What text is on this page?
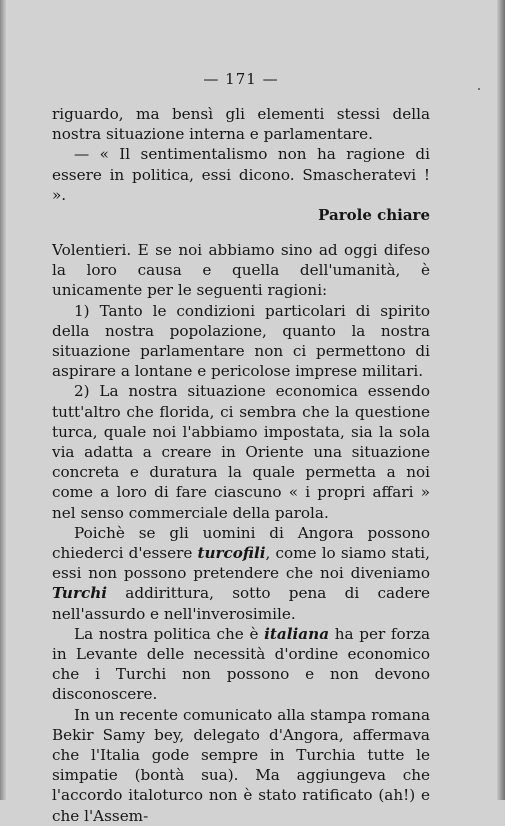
— 171 —

riguardo, ma bensì gli elementi stessi della nostra situazione interna e parlamentare.

— « Il sentimentalismo non ha ragione di essere in politica, essi dicono. Smascheratevi ! ».

Parole chiare

Volentieri. E se noi abbiamo sino ad oggi difeso la loro causa e quella dell'umanità, è unicamente per le seguenti ragioni:

1) Tanto le condizioni particolari di spirito della nostra popolazione, quanto la nostra situazione parlamentare non ci permettono di aspirare a lontane e pericolose imprese militari.

2) La nostra situazione economica essendo tutt'altro che florida, ci sembra che la questione turca, quale noi l'abbiamo impostata, sia la sola via adatta a creare in Oriente una situazione concreta e duratura la quale permetta a noi come a loro di fare ciascuno « i propri affari » nel senso commerciale della parola.

Poichè se gli uomini di Angora possono chiederci d'essere turcofili, come lo siamo stati, essi non possono pretendere che noi diveniamo Turchi addirittura, sotto pena di cadere nell'assurdo e nell'inverosimile.

La nostra politica che è italiana ha per forza in Levante delle necessità d'ordine economico che i Turchi non possono e non devono disconoscere.

In un recente comunicato alla stampa romana Bekir Samy bey, delegato d'Angora, affermava che l'Italia gode sempre in Turchia tutte le simpatie (bontà sua). Ma aggiungeva che l'accordo italoturco non è stato ratificato (ah!) e che l'Assem-
